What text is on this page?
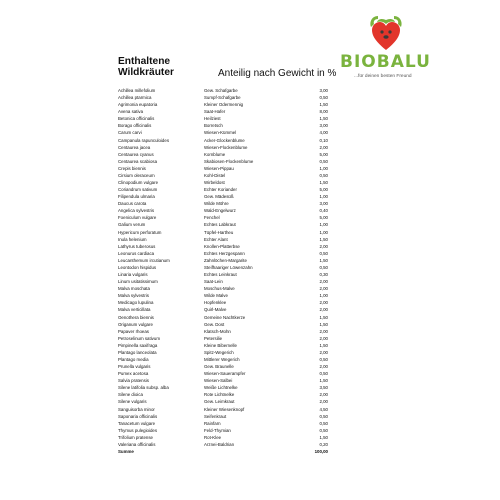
BIOBALU
...für deinen besten Freund
Enthaltene
Wildkräuter	Anteilig nach Gewicht in %
Achillea millefolium	Gew. Schafgarbe	3,00
Achillea ptarmica	Sumpf-Schafgarbe	0,50
Agrimonia eupatoria	Kleiner Odermennig	1,50
Avena sativa	Saat-Hafer	8,00
Betonica officinalis	Heilziest	1,50
Borago officinalis	Borretsch	3,00
Carum carvi	Wiesen-Kümmel	4,00
Campanula rapunculoides	Acker-Glockenblume	0,10
Centaurea jacea	Wiesen-Flockenblume	2,00
Centaurea cyanus	Kornblume	5,00
Centaurea scabiosa	Skabiosen-Flockenblume	0,50
Crepis biennis	Wiesen-Pippau	1,00
Cirsium oleraceum	Kohl-Distel	0,50
Clinopodium vulgare	Wirbeldost	1,50
Coriandrum sativum	Echter Koriander	5,00
Filipendula ulmaria	Gew. Mädesüß	1,00
Daucus carota	Wilde Möhre	3,00
Angelica sylvestris	Wald-Engelwurz	0,40
Foeniculum vulgare	Fenchel	5,00
Galium verum	Echtes Labkraut	1,00
Hypericum perforatum	Tüpfel-Hartheu	1,00
Inula helenium	Echter Alant	1,50
Lathyrus tuberosus	Knollen-Platterbse	2,00
Leonurus cardiaca	Echtes Herzgespann	0,50
Leucanthemum ircutianum	Zahnlöchen-Margarite	1,50
Leontodon hispidus	Steifhaariger Löwenzahn	0,50
Linaria vulgaris	Echtes Leinkraut	0,30
Linum usitatissimum	Saat-Lein	2,00
Malva moschata	Moschus-Malve	2,00
Malva sylvestris	Wilde Malve	1,00
Medicago lupulina	Hopfenklee	2,00
Malva verticillata	Quirl-Malve	2,00
Oenothera biennis	Gemeine Nachtkerze	1,50
Origanum vulgare	Gew. Dost	1,50
Papaver rhoeas	Klatsch-Mohn	2,00
Petroselinum sativum	Petersilie	2,00
Pimpinella saxifraga	Kleine Bibernelle	1,50
Plantago lanceolata	Spitz-Wegerich	2,00
Plantago media	Mittlerer Wegerich	0,50
Prunella vulgaris	Gew. Braunelle	2,00
Pumex acetosa	Wiesen-Sauerampfer	0,50
Salvia pratensis	Wiesen-Salbei	1,50
Silene latifolia subsp. alba	Weiße Lichtnelke	3,50
Silene dioica	Rote Lichtnelke	2,00
Silene vulgaris	Gew. Leimkraut	2,00
Sanguisorba minor	Kleiner Wiesenknopf	4,50
Saponaria officinalis	Seifenkraut	0,50
Tanacetum vulgare	Rainfarn	0,50
Thymus pulegioides	Feld-Thymian	0,50
Trifolium pratense	Rot-Klee	1,50
Valeriana officinalis	Arznei-Baldrian	0,20
Summe	100,00
